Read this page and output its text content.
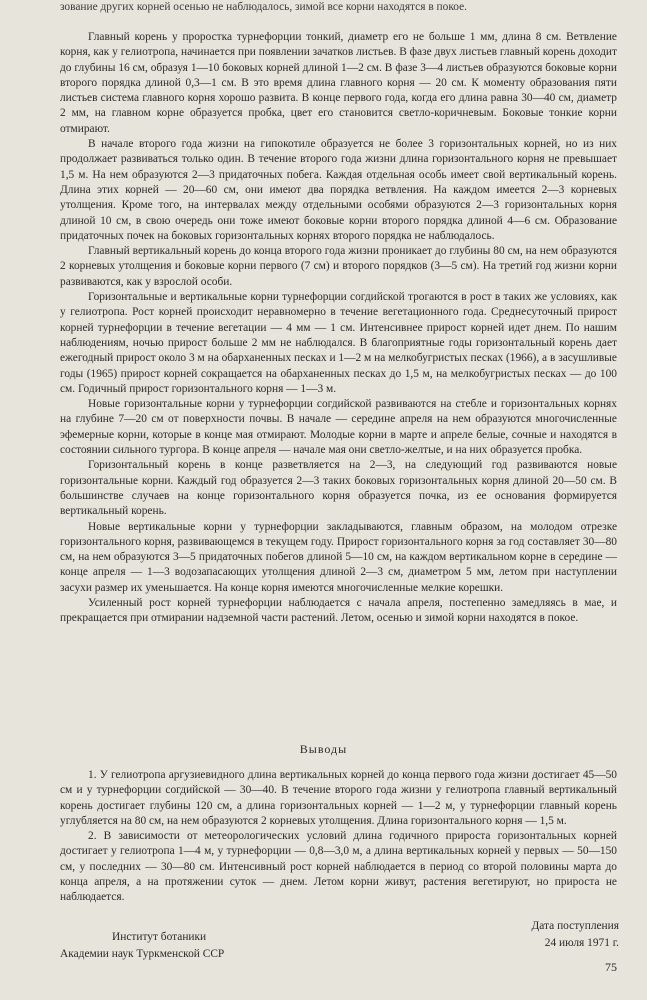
зование других корней осенью не наблюдалось, зимой все корни находятся в покое.

Главный корень у проростка турнефорции тонкий, диаметр его не больше 1 мм, длина 8 см. Ветвление корня, как у гелиотропа, начинается при появлении зачатков листьев. В фазе двух листьев главный корень доходит до глубины 16 см, образуя 1—10 боковых корней длиной 1—2 см. В фазе 3—4 листьев образуются боковые корни второго порядка длиной 0,3—1 см. В это время длина главного корня — 20 см. К моменту образования пяти листьев система главного корня хорошо развита. В конце первого года, когда его длина равна 30—40 см, диаметр 2 мм, на главном корне образуется пробка, цвет его становится светло-коричневым. Боковые тонкие корни отмирают.

В начале второго года жизни на гипокотиле образуется не более 3 горизонтальных корней, но из них продолжает развиваться только один. В течение второго года жизни длина горизонтального корня не превышает 1,5 м. На нем образуются 2—3 придаточных побега. Каждая отдельная особь имеет свой вертикальный корень. Длина этих корней — 20—60 см, они имеют два порядка ветвления. На каждом имеется 2—3 корневых утолщения. Кроме того, на интервалах между отдельными особями образуются 2—3 горизонтальных корня длиной 10 см, в свою очередь они тоже имеют боковые корни второго порядка длиной 4—6 см. Образование придаточных почек на боковых горизонтальных корнях второго порядка не наблюдалось.

Главный вертикальный корень до конца второго года жизни проникает до глубины 80 см, на нем образуются 2 корневых утолщения и боковые корни первого (7 см) и второго порядков (3—5 см). На третий год жизни корни развиваются, как у взрослой особи.

Горизонтальные и вертикальные корни турнефорции согдийской трогаются в рост в таких же условиях, как у гелиотропа. Рост корней происходит неравномерно в течение вегетационного года. Среднесуточный прирост корней турнефорции в течение вегетации — 4 мм — 1 см. Интенсивнее прирост корней идет днем. По нашим наблюдениям, ночью прирост больше 2 мм не наблюдался. В благоприятные годы горизонтальный корень дает ежегодный прирост около 3 м на обарханенных песках и 1—2 м на мелкобугристых песках (1966), а в засушливые годы (1965) прирост корней сокращается на обарханенных песках до 1,5 м, на мелкобугристых песках — до 100 см. Годичный прирост горизонтального корня — 1—3 м.

Новые горизонтальные корни у турнефорции согдийской развиваются на стебле и горизонтальных корнях на глубине 7—20 см от поверхности почвы. В начале — середине апреля на нем образуются многочисленные эфемерные корни, которые в конце мая отмирают. Молодые корни в марте и апреле белые, сочные и находятся в состоянии сильного тургора. В конце апреля — начале мая они светло-желтые, и на них образуется пробка.

Горизонтальный корень в конце разветвляется на 2—3, на следующий год развиваются новые горизонтальные корни. Каждый год образуется 2—3 таких боковых горизонтальных корня длиной 20—50 см. В большинстве случаев на конце горизонтального корня образуется почка, из ее основания формируется вертикальный корень.

Новые вертикальные корни у турнефорции закладываются, главным образом, на молодом отрезке горизонтального корня, развивающемся в текущем году. Прирост горизонтального корня за год составляет 30—80 см, на нем образуются 3—5 придаточных побегов длиной 5—10 см, на каждом вертикальном корне в середине — конце апреля — 1—3 водозапасающих утолщения длиной 2—3 см, диаметром 5 мм, летом при наступлении засухи размер их уменьшается. На конце корня имеются многочисленные мелкие корешки.

Усиленный рост корней турнефорции наблюдается с начала апреля, постепенно замедляясь в мае, и прекращается при отмирании надземной части растений. Летом, осенью и зимой корни находятся в покое.

Выводы

1. У гелиотропа аргузиевидного длина вертикальных корней до конца первого года жизни достигает 45—50 см и у турнефорции согдийской — 30—40. В течение второго года жизни у гелиотропа главный вертикальный корень достигает глубины 120 см, а длина горизонтальных корней — 1—2 м, у турнефорции главный корень углубляется на 80 см, на нем образуются 2 корневых утолщения. Длина горизонтального корня — 1,5 м.

2. В зависимости от метеорологических условий длина годичного прироста горизонтальных корней достигает у гелиотропа 1—4 м, у турнефорции — 0,8—3,0 м, а длина вертикальных корней у первых — 50—150 см, у последних — 30—80 см. Интенсивный рост корней наблюдается в период со второй половины марта до конца апреля, а на протяжении суток — днем. Летом корни живут, растения вегетируют, но прироста не наблюдается.

Институт ботаники
Академии наук Туркменской ССР
Дата поступления
24 июля 1971 г.
75
